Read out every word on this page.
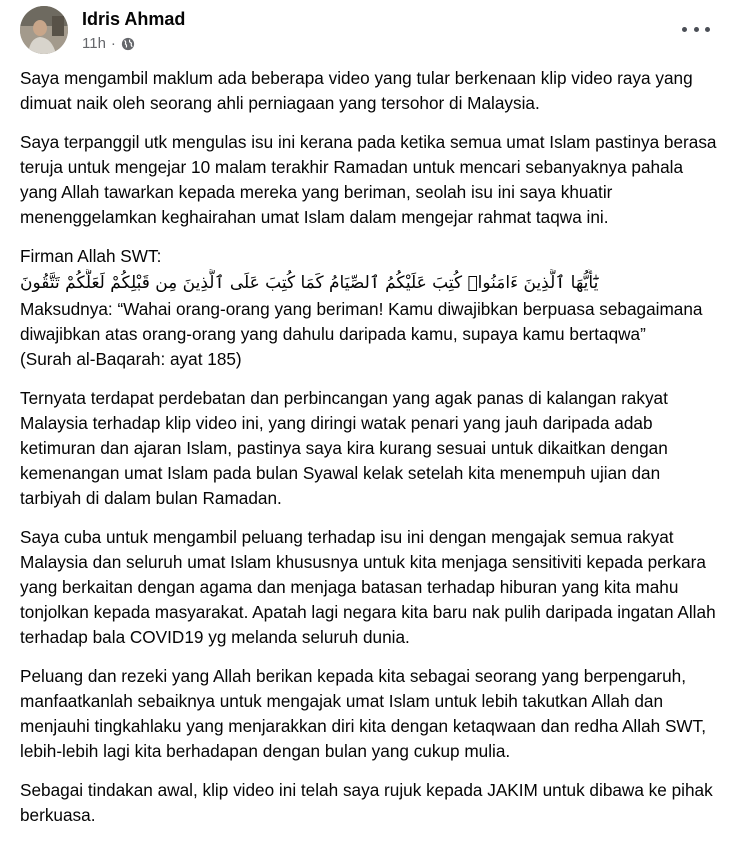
Idris Ahmad
11h ·

Saya mengambil maklum ada beberapa video yang tular berkenaan klip video raya yang dimuat naik oleh seorang ahli perniagaan yang tersohor di Malaysia.

Saya terpanggil utk mengulas isu ini kerana pada ketika semua umat Islam pastinya berasa teruja untuk mengejar 10 malam terakhir Ramadan untuk mencari sebanyaknya pahala yang Allah tawarkan kepada mereka yang beriman, seolah isu ini saya khuatir menenggelamkan keghairahan umat Islam dalam mengejar rahmat taqwa ini.

Firman Allah SWT:
يَٰٓأَيُّهَا ٱلَّذِينَ ءَامَنُوا۟ كُتِبَ عَلَيْكُمُ ٱلصِّيَامُ كَمَا كُتِبَ عَلَى ٱلَّذِينَ مِن قَبْلِكُمْ لَعَلَّكُمْ تَتَّقُونَ
Maksudnya: “Wahai orang-orang yang beriman! Kamu diwajibkan berpuasa sebagaimana diwajibkan atas orang-orang yang dahulu daripada kamu, supaya kamu bertaqwa”
(Surah al-Baqarah: ayat 185)

Ternyata terdapat perdebatan dan perbincangan yang agak panas di kalangan rakyat Malaysia terhadap klip video ini, yang diringi watak penari yang jauh daripada adab ketimuran dan ajaran Islam, pastinya saya kira kurang sesuai untuk dikaitkan dengan kemenangan umat Islam pada bulan Syawal kelak setelah kita menempuh ujian dan tarbiyah di dalam bulan Ramadan.

Saya cuba untuk mengambil peluang terhadap isu ini dengan mengajak semua rakyat Malaysia dan seluruh umat Islam khususnya untuk kita menjaga sensitiviti kepada perkara yang berkaitan dengan agama dan menjaga batasan terhadap hiburan yang kita mahu tonjolkan kepada masyarakat. Apatah lagi negara kita baru nak pulih daripada ingatan Allah terhadap bala COVID19 yg melanda seluruh dunia.

Peluang dan rezeki yang Allah berikan kepada kita sebagai seorang yang berpengaruh, manfaatkanlah sebaiknya untuk mengajak umat Islam untuk lebih takutkan Allah dan menjauhi tingkahlaku yang menjarakkan diri kita dengan ketaqwaan dan redha Allah SWT, lebih-lebih lagi kita berhadapan dengan bulan yang cukup mulia.

Sebagai tindakan awal, klip video ini telah saya rujuk kepada JAKIM untuk dibawa ke pihak berkuasa.
